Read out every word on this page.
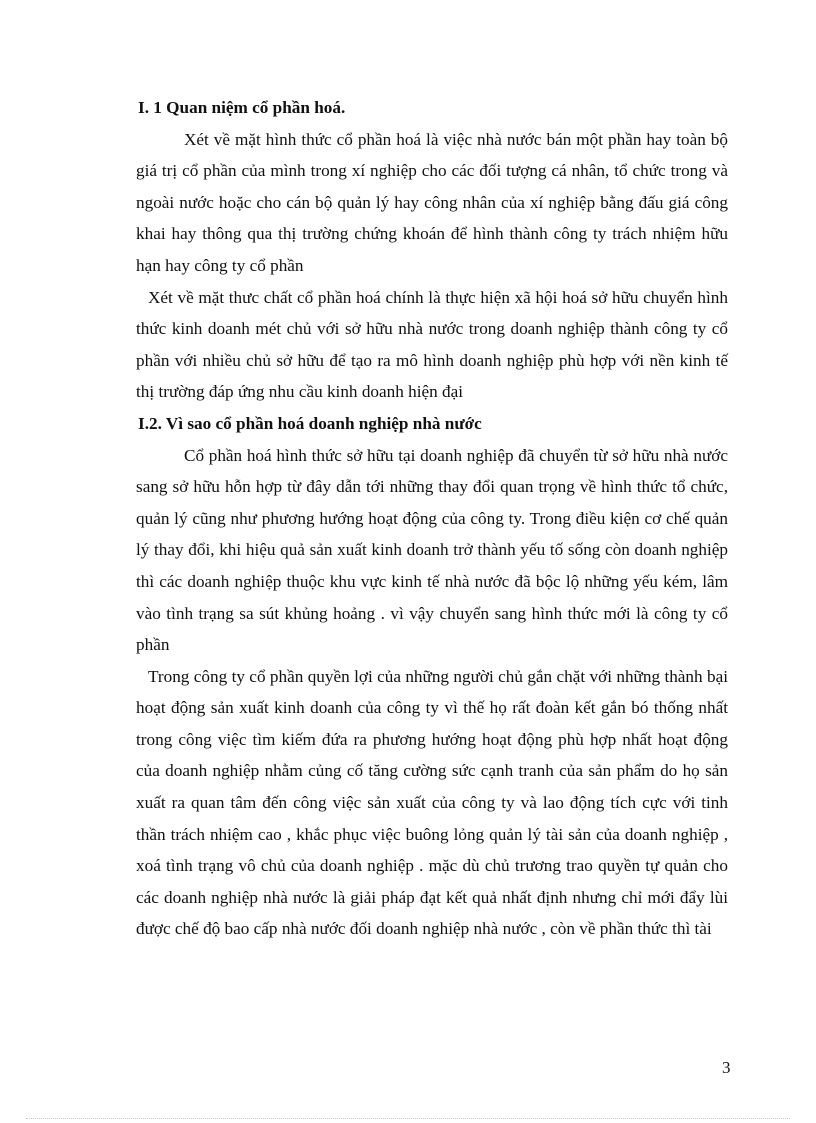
I. 1 Quan niệm cổ phần hoá.

Xét về mặt hình thức cổ phần hoá là việc nhà nước bán một phần hay toàn bộ giá trị cổ phần của mình trong xí nghiệp cho các đối tượng cá nhân, tổ chức trong và ngoài nước hoặc cho cán bộ quản lý hay công nhân của xí nghiệp bằng đấu giá công khai hay thông qua thị trường chứng khoán để hình thành công ty trách nhiệm hữu hạn hay công ty cổ phần

Xét về mặt thưc chất cổ phần hoá chính là thực hiện xã hội hoá sở hữu chuyển hình thức kinh doanh mét chủ với sở hữu nhà nước trong doanh nghiệp thành công ty cổ phần với nhiều chủ sở hữu để tạo ra mô hình doanh nghiệp phù hợp với nền kinh tế thị trường đáp ứng nhu cầu kinh doanh hiện đại

I.2. Vì sao cổ phần hoá doanh nghiệp nhà nước

Cổ phần hoá hình thức sở hữu tại doanh nghiệp đã chuyển từ sở hữu nhà nước sang sở hữu hỗn hợp từ đây dẫn tới những thay đổi quan trọng về hình thức tổ chức, quản lý cũng như phương hướng hoạt động của công ty. Trong điều kiện cơ chế quản lý thay đổi, khi hiệu quả sản xuất kinh doanh trở thành yếu tố sống còn doanh nghiệp thì các doanh nghiệp thuộc khu vực kinh tế nhà nước đã bộc lộ những yếu kém, lâm vào tình trạng sa sút khủng hoảng . vì vậy chuyển sang hình thức mới là công ty cổ phần

Trong công ty cổ phần quyền lợi của những người chủ gắn chặt với những thành bại hoạt động sản xuất kinh doanh của công ty vì thế họ rất đoàn kết gắn bó thống nhất trong công việc tìm kiếm đứa ra phương hướng hoạt động phù hợp nhất hoạt động của doanh nghiệp nhằm củng cố tăng cường sức cạnh tranh của sản phẩm do họ sản xuất ra quan tâm đến công việc sản xuất của công ty và lao động tích cực với tinh thần trách nhiệm cao , khắc phục việc buông lỏng quản lý tài sản của doanh nghiệp , xoá tình trạng vô chủ của doanh nghiệp . mặc dù chủ trương trao quyền tự quản cho các doanh nghiệp nhà nước là giải pháp đạt kết quả nhất định nhưng chỉ mới đẩy lùi được chế độ bao cấp nhà nước đối doanh nghiệp nhà nước , còn về phần thức thì tài

3
